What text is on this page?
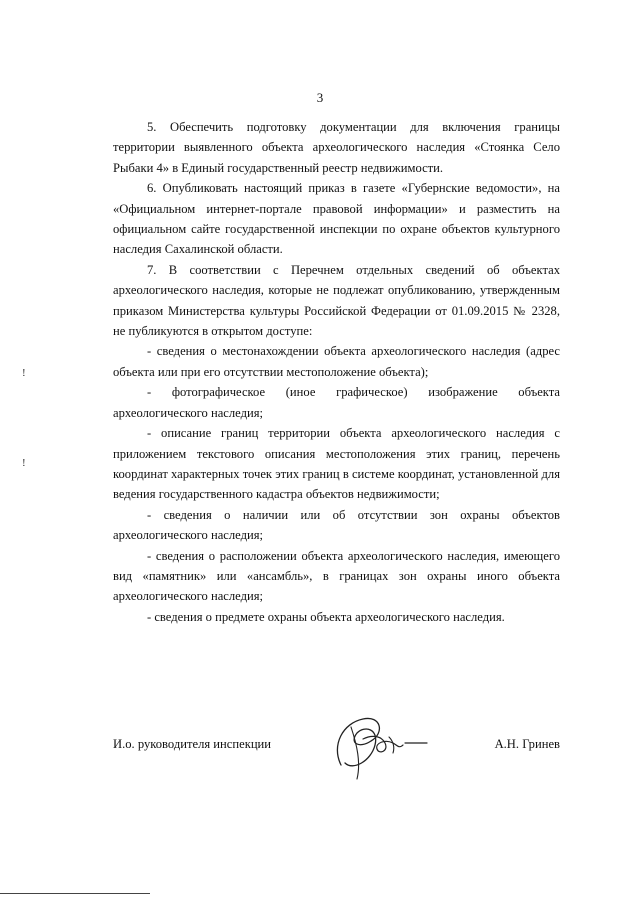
3
!
!

5. Обеспечить подготовку документации для включения границы территории выявленного объекта археологического наследия «Стоянка Село Рыбаки 4» в Единый государственный реестр недвижимости.

6. Опубликовать настоящий приказ в газете «Губернские ведомости», на «Официальном интернет-портале правовой информации» и разместить на официальном сайте государственной инспекции по охране объектов культурного наследия Сахалинской области.

7. В соответствии с Перечнем отдельных сведений об объектах археологического наследия, которые не подлежат опубликованию, утвержденным приказом Министерства культуры Российской Федерации от 01.09.2015 № 2328, не публикуются в открытом доступе:

- сведения о местонахождении объекта археологического наследия (адрес объекта или при его отсутствии местоположение объекта);

- фотографическое (иное графическое) изображение объекта археологического наследия;

- описание границ территории объекта археологического наследия с приложением текстового описания местоположения этих границ, перечень координат характерных точек этих границ в системе координат, установленной для ведения государственного кадастра объектов недвижимости;

- сведения о наличии или об отсутствии зон охраны объектов археологического наследия;

- сведения о расположении объекта археологического наследия, имеющего вид «памятник» или «ансамбль», в границах зон охраны иного объекта археологического наследия;

- сведения о предмете охраны объекта археологического наследия.

И.о. руководителя инспекции	А.Н. Гринев
